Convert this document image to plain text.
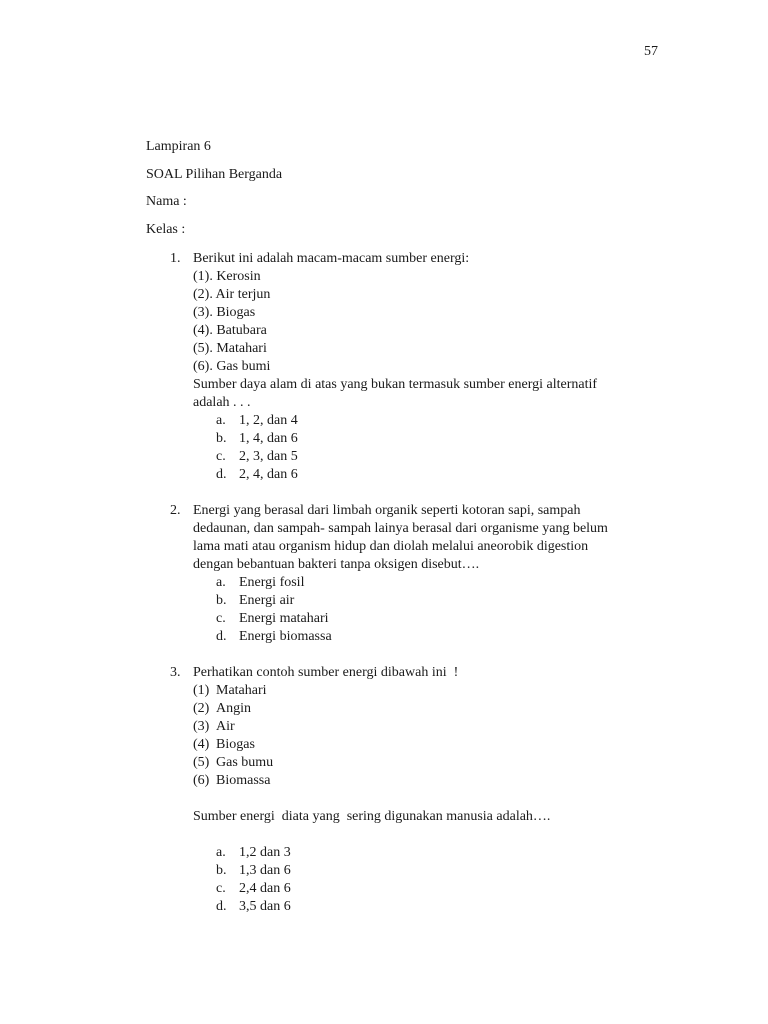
57
Lampiran 6
SOAL Pilihan Berganda
Nama :
Kelas :
1. Berikut ini adalah macam-macam sumber energi:
(1). Kerosin
(2). Air terjun
(3). Biogas
(4). Batubara
(5). Matahari
(6). Gas bumi
Sumber daya alam di atas yang bukan termasuk sumber energi alternatif
adalah . . .
a. 1, 2, dan 4
b. 1, 4, dan 6
c. 2, 3, dan 5
d. 2, 4, dan 6
2. Energi yang berasal dari limbah organik seperti kotoran sapi, sampah
dedaunan, dan sampah- sampah lainya berasal dari organisme yang belum
lama mati atau organism hidup dan diolah melalui aneorobik digestion
dengan bebantuan bakteri tanpa oksigen disebut….
a. Energi fosil
b. Energi air
c. Energi matahari
d. Energi biomassa
3. Perhatikan contoh sumber energi dibawah ini  !
(1) Matahari
(2) Angin
(3) Air
(4) Biogas
(5) Gas bumu
(6) Biomassa
Sumber energi  diata yang  sering digunakan manusia adalah….
a. 1,2 dan 3
b. 1,3 dan 6
c. 2,4 dan 6
d. 3,5 dan 6
